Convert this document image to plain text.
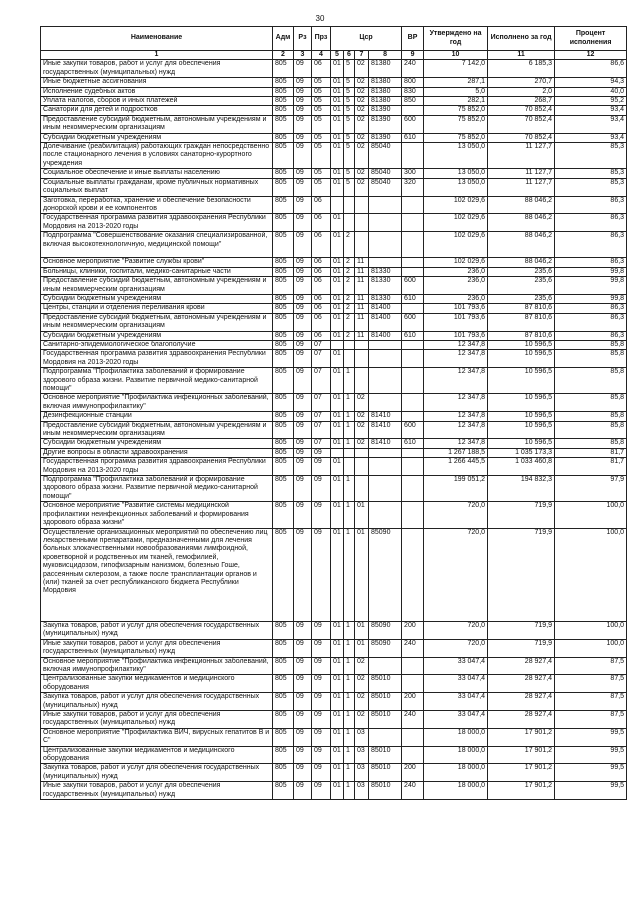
30
Наименование	Адм	Рз	Прз	Цср				ВР	Утверждено на год	Исполнено за год	Процент исполнения
1	2	3	4	5	6	7	8	9	10	11	12
Иные закупки товаров, работ и услуг для обеспечения государственных (муниципальных) нужд	805	09	06	01	5	02	81380	240	7 142,0	6 185,3	86,6
Иные бюджетные ассигнования	805	09	05	01	5	02	81380	800	287,1	270,7	94,3
Исполнение судебных актов	805	09	05	01	5	02	81380	830	5,0	2,0	40,0
Уплата налогов, сборов и иных платежей	805	09	05	01	5	02	81380	850	282,1	268,7	95,2
Санатории для детей и подростков	805	09	05	01	5	02	81390		75 852,0	70 852,4	93,4
Предоставление субсидий бюджетным, автономным учреждениям и иным некоммерческим организациям	805	09	05	01	5	02	81390	600	75 852,0	70 852,4	93,4
Субсидии бюджетным учреждениям	805	09	05	01	5	02	81390	610	75 852,0	70 852,4	93,4
Долечивание (реабилитация) работающих граждан непосредственно после стационарного лечения в условиях санаторно-курортного учреждения	805	09	05	01	5	02	85040		13 050,0	11 127,7	85,3
Социальное обеспечение и иные выплаты населению	805	09	05	01	5	02	85040	300	13 050,0	11 127,7	85,3
Социальные выплаты гражданам, кроме публичных нормативных социальных выплат	805	09	05	01	5	02	85040	320	13 050,0	11 127,7	85,3
Заготовка, переработка, хранение и обеспечение безопасности донорской крови и ее компонентов	805	09	06						102 029,6	88 046,2	86,3
Государственная программа развития здравоохранения Республики Мордовия на 2013-2020 годы	805	09	06	01					102 029,6	88 046,2	86,3
Подпрограмма "Совершенствование оказания специализированной, включая высокотехнологичную, медицинской помощи"	805	09	06	01	2				102 029,6	88 046,2	86,3
Основное мероприятие "Развитие службы крови"	805	09	06	01	2	11			102 029,6	88 046,2	86,3
Больницы, клиники, госпитали, медико-санитарные части	805	09	06	01	2	11	81330		236,0	235,6	99,8
Предоставление субсидий бюджетным, автономным учреждениям и иным некоммерческим организациям	805	09	06	01	2	11	81330	600	236,0	235,6	99,8
Субсидии бюджетным учреждениям	805	09	06	01	2	11	81330	610	236,0	235,6	99,8
Центры, станции и отделения переливания крови	805	09	06	01	2	11	81400		101 793,6	87 810,6	86,3
Предоставление субсидий бюджетным, автономным учреждениям и иным некоммерческим организациям	805	09	06	01	2	11	81400	600	101 793,6	87 810,6	86,3
Субсидии бюджетным учреждениям	805	09	06	01	2	11	81400	610	101 793,6	87 810,6	86,3
Санитарно-эпидемиологическое благополучие	805	09	07						12 347,8	10 596,5	85,8
Государственная программа развития здравоохранения Республики Мордовия на 2013-2020 годы	805	09	07	01					12 347,8	10 596,5	85,8
Подпрограмма "Профилактика заболеваний и формирование здорового образа жизни. Развитие первичной медико-санитарной помощи"	805	09	07	01	1				12 347,8	10 596,5	85,8
Основное мероприятие "Профилактика инфекционных заболеваний, включая иммунопрофилактику"	805	09	07	01	1	02			12 347,8	10 596,5	85,8
Дезинфекционные станции	805	09	07	01	1	02	81410		12 347,8	10 596,5	85,8
Предоставление субсидий бюджетным, автономным учреждениям и иным некоммерческим организациям	805	09	07	01	1	02	81410	600	12 347,8	10 596,5	85,8
Субсидии бюджетным учреждениям	805	09	07	01	1	02	81410	610	12 347,8	10 596,5	85,8
Другие вопросы в области здравоохранения	805	09	09						1 267 188,5	1 035 173,3	81,7
Государственная программа развития здравоохранения Республики Мордовия на 2013-2020 годы	805	09	09	01					1 266 445,5	1 033 460,8	81,7
Подпрограмма "Профилактика заболеваний и формирование здорового образа жизни. Развитие первичной медико-санитарной помощи"	805	09	09	01	1				199 051,2	194 832,3	97,9
Основное мероприятие "Развитие системы медицинской профилактики неинфекционных заболеваний и формирования здорового образа жизни"	805	09	09	01	1	01			720,0	719,9	100,0
Осуществление организационных мероприятий по обеспечению лиц лекарственными препаратами, предназначенными для лечения больных злокачественными новообразованиями лимфоидной, кроветворной и родственных им тканей, гемофилией, муковисцидозом, гипофизарным нанизмом, болезнью Гоше, рассеянным склерозом, а также после трансплантации органов и (или) тканей за счет республиканского бюджета Республики Мордовия	805	09	09	01	1	01	85090		720,0	719,9	100,0
Закупка товаров, работ и услуг для обеспечения государственных (муниципальных) нужд	805	09	09	01	1	01	85090	200	720,0	719,9	100,0
Иные закупки товаров, работ и услуг для обеспечения государственных (муниципальных) нужд	805	09	09	01	1	01	85090	240	720,0	719,9	100,0
Основное мероприятие "Профилактика инфекционных заболеваний, включая иммунопрофилактику"	805	09	09	01	1	02			33 047,4	28 927,4	87,5
Централизованные закупки медикаментов и медицинского оборудования	805	09	09	01	1	02	85010		33 047,4	28 927,4	87,5
Закупка товаров, работ и услуг для обеспечения государственных (муниципальных) нужд	805	09	09	01	1	02	85010	200	33 047,4	28 927,4	87,5
Иные закупки товаров, работ и услуг для обеспечения государственных (муниципальных) нужд	805	09	09	01	1	02	85010	240	33 047,4	28 927,4	87,5
Основное мероприятие "Профилактика ВИЧ, вирусных гепатитов В и С"	805	09	09	01	1	03			18 000,0	17 901,2	99,5
Централизованные закупки медикаментов и медицинского оборудования	805	09	09	01	1	03	85010		18 000,0	17 901,2	99,5
Закупка товаров, работ и услуг для обеспечения государственных (муниципальных) нужд	805	09	09	01	1	03	85010	200	18 000,0	17 901,2	99,5
Иные закупки товаров, работ и услуг для обеспечения государственных (муниципальных) нужд	805	09	09	01	1	03	85010	240	18 000,0	17 901,2	99,5
